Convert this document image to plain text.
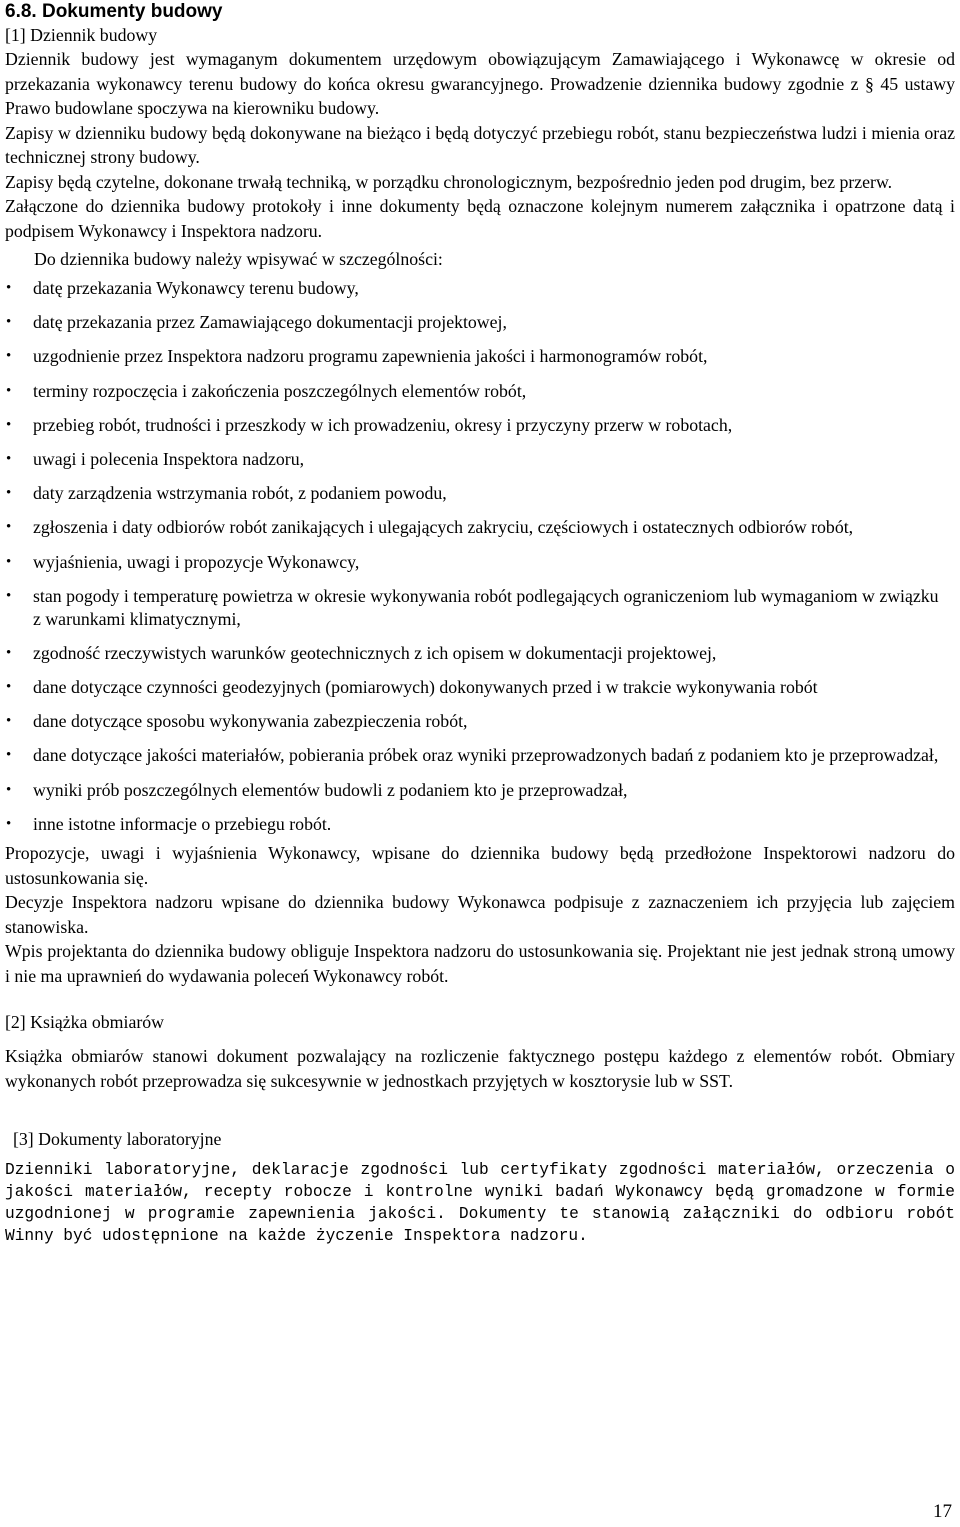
6.8. Dokumenty budowy

[1] Dziennik budowy

Dziennik budowy jest wymaganym dokumentem urzędowym obowiązującym Zamawiającego i Wykonawcę w okresie od przekazania wykonawcy terenu budowy do końca okresu gwarancyjnego. Prowadzenie dziennika budowy zgodnie z § 45 ustawy Prawo budowlane spoczywa na kierowniku budowy.

Zapisy w dzienniku budowy będą dokonywane na bieżąco i będą dotyczyć przebiegu robót, stanu bezpieczeństwa ludzi i mienia oraz technicznej strony budowy.

Zapisy będą czytelne, dokonane trwałą techniką, w porządku chronologicznym, bezpośrednio jeden pod drugim, bez przerw.

Załączone do dziennika budowy protokoły i inne dokumenty będą oznaczone kolejnym numerem załącznika i opatrzone datą i podpisem Wykonawcy i Inspektora nadzoru.

Do dziennika budowy należy wpisywać w szczególności:

• datę przekazania Wykonawcy terenu budowy,
• datę przekazania przez Zamawiającego dokumentacji projektowej,
• uzgodnienie przez Inspektora nadzoru programu zapewnienia jakości i harmonogramów robót,
• terminy rozpoczęcia i zakończenia poszczególnych elementów robót,
• przebieg robót, trudności i przeszkody w ich prowadzeniu, okresy i przyczyny przerw w robotach,
• uwagi i polecenia Inspektora nadzoru,
• daty zarządzenia wstrzymania robót, z podaniem powodu,
• zgłoszenia i daty odbiorów robót zanikających i ulegających zakryciu, częściowych i ostatecznych odbiorów robót,
• wyjaśnienia, uwagi i propozycje Wykonawcy,
• stan pogody i temperaturę powietrza w okresie wykonywania robót podlegających ograniczeniom lub wymaganiom w związku z warunkami klimatycznymi,
• zgodność rzeczywistych warunków geotechnicznych z ich opisem w dokumentacji projektowej,
• dane dotyczące czynności geodezyjnych (pomiarowych) dokonywanych przed i w trakcie wykonywania robót
• dane dotyczące sposobu wykonywania zabezpieczenia robót,
• dane dotyczące jakości materiałów, pobierania próbek oraz wyniki przeprowadzonych badań z podaniem kto je przeprowadzał,
• wyniki prób poszczególnych elementów budowli z podaniem kto je przeprowadzał,
• inne istotne informacje o przebiegu robót.

Propozycje, uwagi i wyjaśnienia Wykonawcy, wpisane do dziennika budowy będą przedłożone Inspektorowi nadzoru do ustosunkowania się.

Decyzje Inspektora nadzoru wpisane do dziennika budowy Wykonawca podpisuje z zaznaczeniem ich przyjęcia lub zajęciem stanowiska.

Wpis projektanta do dziennika budowy obliguje Inspektora nadzoru do ustosunkowania się. Projektant nie jest jednak stroną umowy i nie ma uprawnień do wydawania poleceń Wykonawcy robót.

[2] Książka obmiarów

Książka obmiarów stanowi dokument pozwalający na rozliczenie faktycznego postępu każdego z elementów robót. Obmiary wykonanych robót przeprowadza się sukcesywnie w jednostkach przyjętych w kosztorysie lub w SST.

[3] Dokumenty laboratoryjne

Dzienniki laboratoryjne, deklaracje zgodności lub certyfikaty zgodności materiałów, orzeczenia o jakości materiałów, recepty robocze i kontrolne wyniki badań Wykonawcy będą gromadzone w formie uzgodnionej w programie zapewnienia jakości. Dokumenty te stanowią załączniki do odbioru robót Winny być udostępnione na każde życzenie Inspektora nadzoru.

17
